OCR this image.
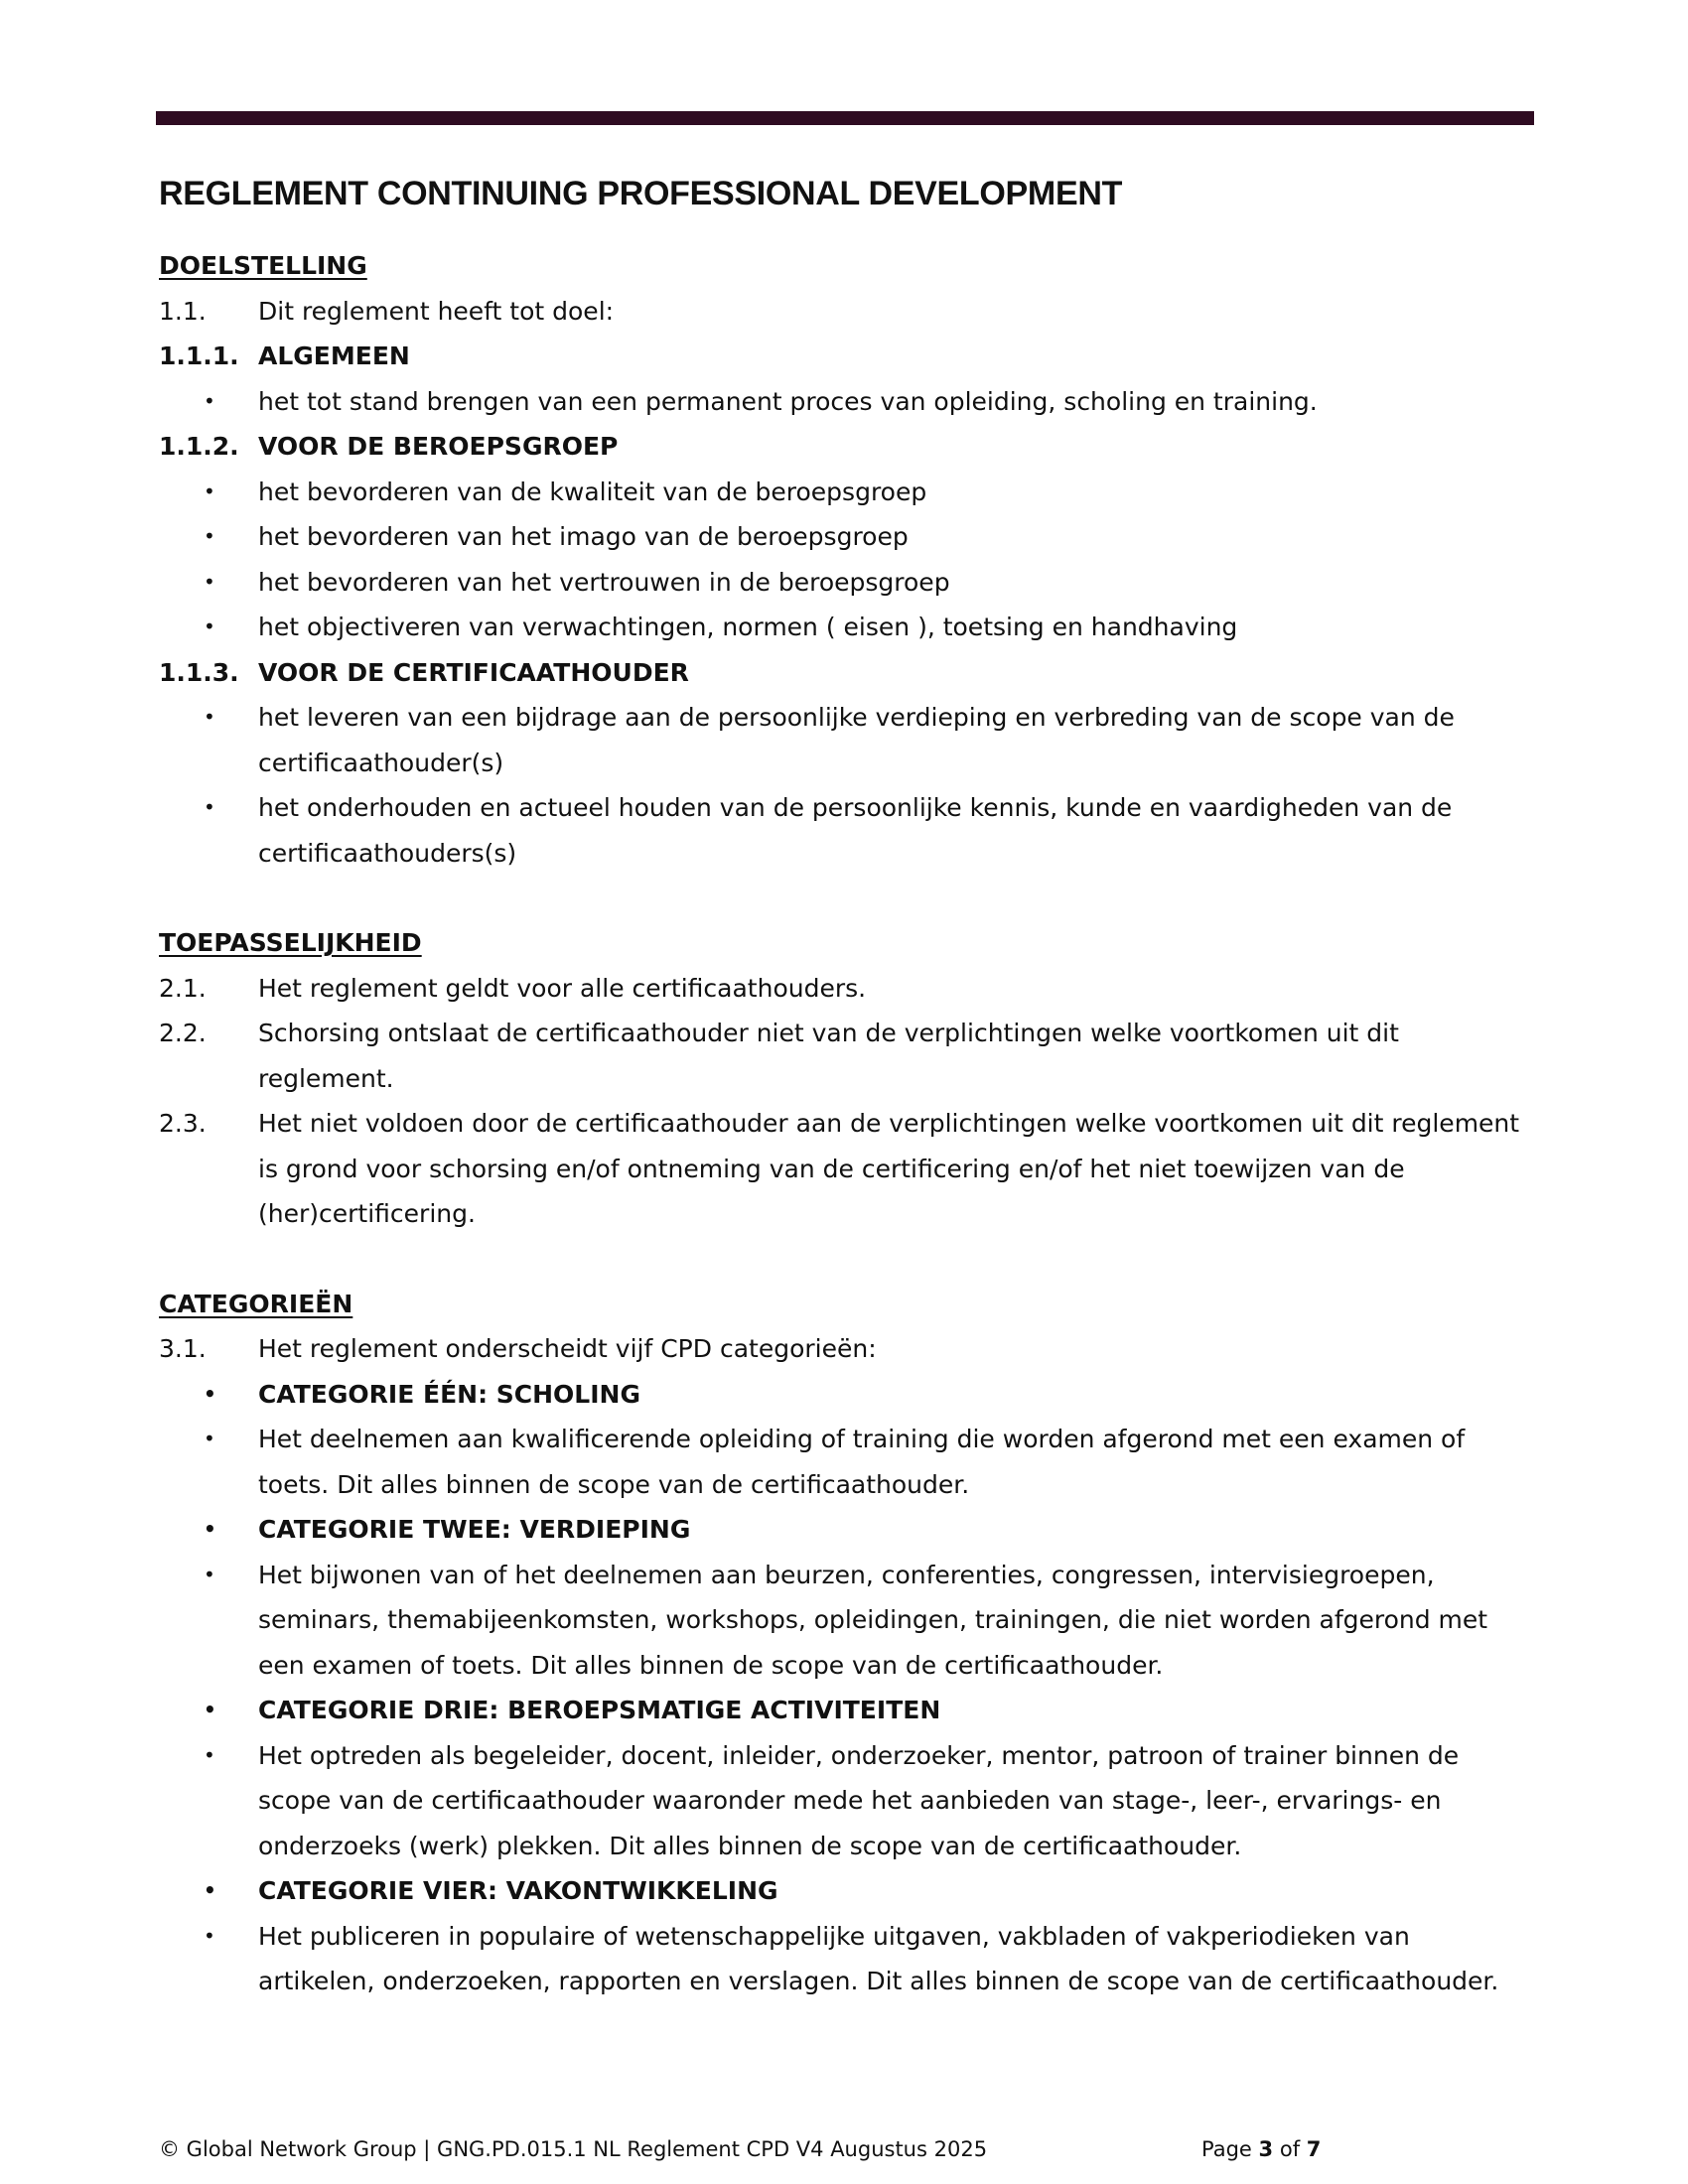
REGLEMENT CONTINUING PROFESSIONAL DEVELOPMENT
DOELSTELLING
1.1.	Dit reglement heeft tot doel:
1.1.1. ALGEMEEN
•	het tot stand brengen van een permanent proces van opleiding, scholing en training.
1.1.2. VOOR DE BEROEPSGROEP
•	het bevorderen van de kwaliteit van de beroepsgroep
•	het bevorderen van het imago van de beroepsgroep
•	het bevorderen van het vertrouwen in de beroepsgroep
•	het objectiveren van verwachtingen, normen ( eisen ), toetsing en handhaving
1.1.3. VOOR DE CERTIFICAATHOUDER
•	het leveren van een bijdrage aan de persoonlijke verdieping en verbreding van de scope van de certificaathouder(s)
•	het onderhouden en actueel houden van de persoonlijke kennis, kunde en vaardigheden van de certificaathouders(s)
TOEPASSELIJKHEID
2.1.	Het reglement geldt voor alle certificaathouders.
2.2.	Schorsing ontslaat de certificaathouder niet van de verplichtingen welke voortkomen uit dit reglement.
2.3.	Het niet voldoen door de certificaathouder aan de verplichtingen welke voortkomen uit dit reglement is grond voor schorsing en/of ontneming van de certificering en/of het niet toewijzen van de (her)certificering.
CATEGORIEËN
3.1.	Het reglement onderscheidt vijf CPD categorieën:
•	CATEGORIE ÉÉN: SCHOLING
•	Het deelnemen aan kwalificerende opleiding of training die worden afgerond met een examen of toets. Dit alles binnen de scope van de certificaathouder.
•	CATEGORIE TWEE: VERDIEPING
•	Het bijwonen van of het deelnemen aan beurzen, conferenties, congressen, intervisiegroepen, seminars, themabijeenkomsten, workshops, opleidingen, trainingen, die niet worden afgerond met een examen of toets. Dit alles binnen de scope van de certificaathouder.
•	CATEGORIE DRIE: BEROEPSMATIGE ACTIVITEITEN
•	Het optreden als begeleider, docent, inleider, onderzoeker, mentor, patroon of trainer binnen de scope van de certificaathouder waaronder mede het aanbieden van stage-, leer-, ervarings- en onderzoeks (werk) plekken. Dit alles binnen de scope van de certificaathouder.
•	CATEGORIE VIER: VAKONTWIKKELING
•	Het publiceren in populaire of wetenschappelijke uitgaven, vakbladen of vakperiodieken van artikelen, onderzoeken, rapporten en verslagen. Dit alles binnen de scope van de certificaathouder.
© Global Network Group | GNG.PD.015.1 NL Reglement CPD V4 Augustus 2025	Page 3 of 7
